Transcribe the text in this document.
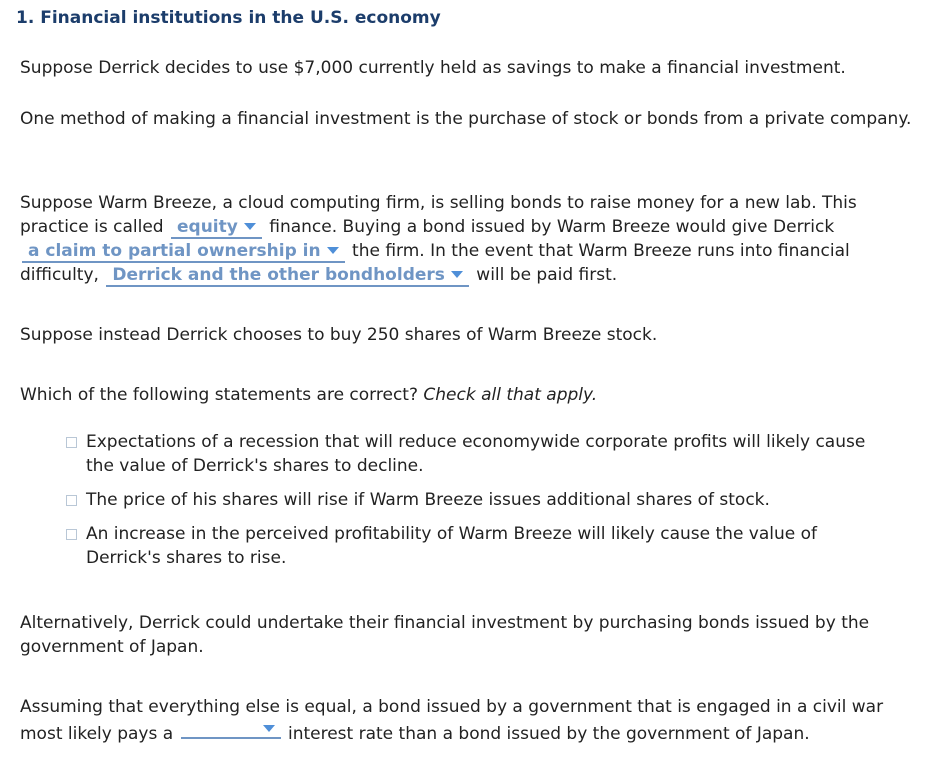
1. Financial institutions in the U.S. economy

Suppose Derrick decides to use $7,000 currently held as savings to make a financial investment.

One method of making a financial investment is the purchase of stock or bonds from a private company.

Suppose Warm Breeze, a cloud computing firm, is selling bonds to raise money for a new lab. This practice is called equity finance. Buying a bond issued by Warm Breeze would give Derrick a claim to partial ownership in the firm. In the event that Warm Breeze runs into financial difficulty, Derrick and the other bondholders will be paid first.

Suppose instead Derrick chooses to buy 250 shares of Warm Breeze stock.

Which of the following statements are correct? Check all that apply.

Expectations of a recession that will reduce economywide corporate profits will likely cause the value of Derrick's shares to decline.
The price of his shares will rise if Warm Breeze issues additional shares of stock.
An increase in the perceived profitability of Warm Breeze will likely cause the value of Derrick's shares to rise.

Alternatively, Derrick could undertake their financial investment by purchasing bonds issued by the government of Japan.

Assuming that everything else is equal, a bond issued by a government that is engaged in a civil war most likely pays a	interest rate than a bond issued by the government of Japan.
